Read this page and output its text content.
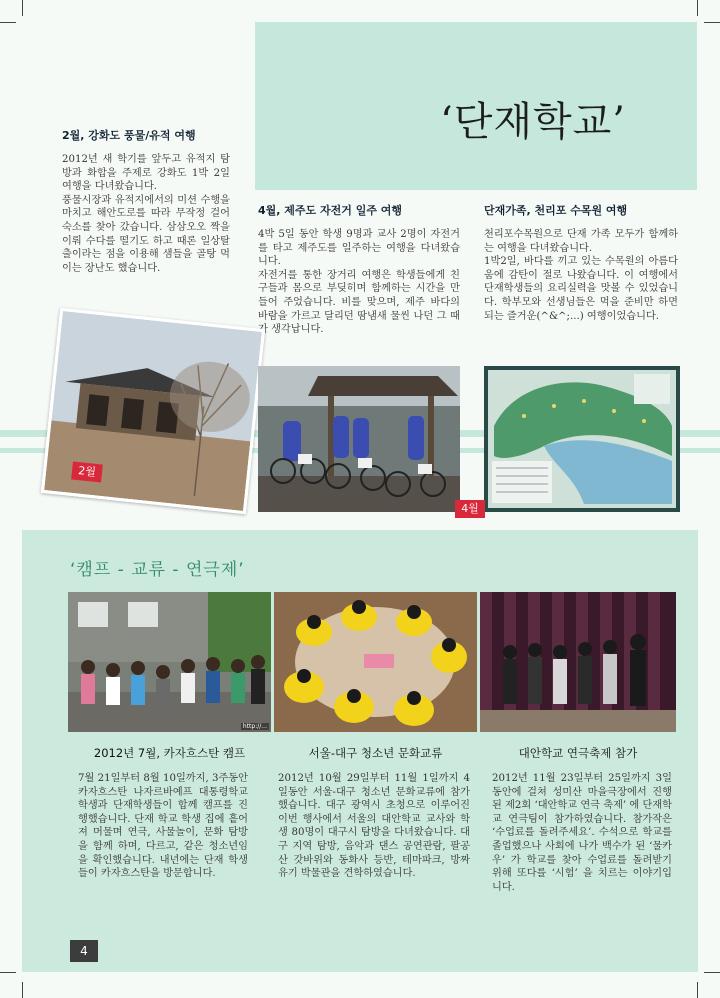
‘단재학교’
2월, 강화도 풍물/유적 여행

2012년 새 학기를 앞두고 유적지 탐방과 화합을 주제로 강화도 1박 2일 여행을 다녀왔습니다.

풍물시장과 유적지에서의 미션 수행을 마치고 해안도로를 따라 무작정 걸어 숙소를 찾아 갔습니다. 삼삼오오 짝을 이뤄 수다를 떨기도 하고 때론 일상탈출이라는 점을 이용해 샘들을 골탕 먹이는 장난도 했습니다.

4월, 제주도 자전거 일주 여행

4박 5일 동안 학생 9명과 교사 2명이 자전거를 타고 제주도를 일주하는 여행을 다녀왔습니다.

자전거를 통한 장거리 여행은 학생들에게 친구들과 몸으로 부딪히며 함께하는 시간을 만들어 주었습니다. 비를 맞으며, 제주 바다의 바람을 가르고 달리던 땀냄새 물씬 나던 그 때가 생각납니다.

단재가족, 천리포 수목원 여행

천리포수목원으로 단재 가족 모두가 함께하는 여행을 다녀왔습니다.

1박2일, 바다를 끼고 있는 수목원의 아름다움에 감탄이 절로 나왔습니다. 이 여행에서 단재학생들의 요리실력을 맛볼 수 있었습니다. 학부모와 선생님들은 먹을 준비만 하면 되는 즐거운(^&^;...) 여행이었습니다.

2월
4월
‘캠프 - 교류 - 연극제’
http://...
2012년 7월, 카자흐스탄 캠프	서울-대구 청소년 문화교류	대안학교 연극축제 참가
7월 21일부터 8월 10일까지, 3주동안 카자흐스탄 나자르바예프 대통령학교 학생과 단재학생들이 합께 캠프를 진행했습니다. 단재 학교 학생 집에 흩어져 머물며 연극, 사물놀이, 문화 탐방을 함께 하며, 다르고, 같은 청소년임을 확인했습니다. 내년에는 단재 학생들이 카자흐스탄을 방문합니다.
2012년 10월 29일부터 11월 1일까지 4일동안 서울-대구 청소년 문화교류에 참가했습니다. 대구 광역시 초청으로 이루어진 이번 행사에서 서울의 대안학교 교사와 학생 80명이 대구시 탐방을 다녀왔습니다. 대구 지역 탐방, 음악과 댄스 공연관람, 팔공산 갓바위와 동화사 등반, 테마파크, 방짜 유기 박물관을 견학하였습니다.
2012년 11월 23일부터 25일까지 3일동안에 걸쳐 성미산 마을극장에서 진행된 제2회 ‘대안학교 연극 축제’ 에 단재학교 연극팀이 참가하였습니다. 참가작은 ‘수업료를 돌려주세요’. 수석으로 학교를 졸업했으나 사회에 나가 백수가 된 ‘물카우’ 가 학교를 찾아 수업료를 돌려받기 위해 또다를 ‘시험’ 을 치르는 이야기입니다.
4
